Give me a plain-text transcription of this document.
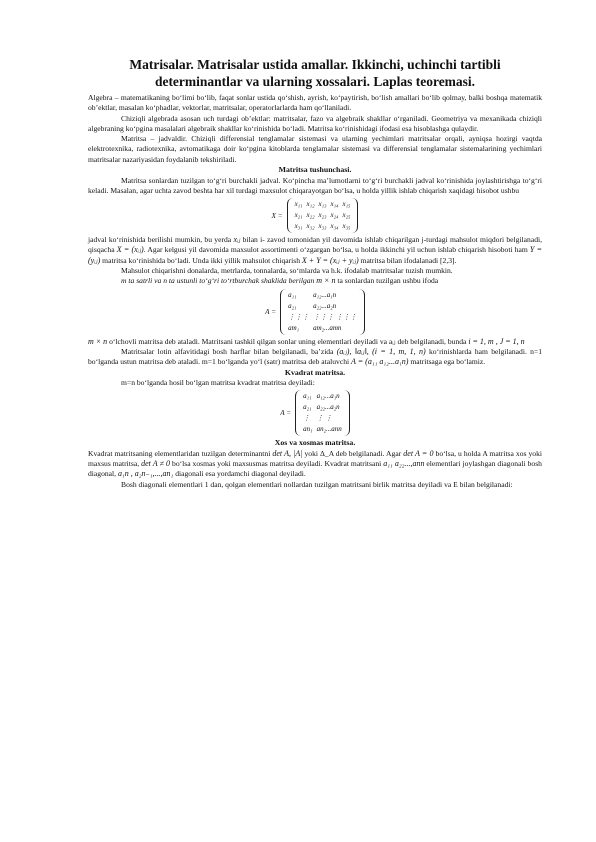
Matrisalar. Matrisalar ustida amallar. Ikkinchi, uchinchi tartibli determinantlar va ularning xossalari. Laplas teoremasi.

Algebra – matematikaning bo‘limi bo‘lib, faqat sonlar ustida qo‘shish, ayrish, ko‘paytirish, bo‘lish amallari bo‘lib qolmay, balki boshqa matematik ob’ektlar, masalan ko‘phadlar, vektorlar, matritsalar, operatorlarlarda ham qo‘llaniladi.

Chiziqli algebrada asosan uch turdagi ob’ektlar: matritsalar, fazo va algebraik shakllar o‘rganiladi. Geometriya va mexanikada chiziqli algebraning ko‘pgina masalalari algebraik shakllar ko‘rinishida bo‘ladi. Matritsa ko‘rinishidagi ifodasi esa hisoblashga qulaydir.

Matritsa – jadvaldir. Chiziqli differensial tenglamalar sistemasi va ularning yechimlari matritsalar orqali, ayniqsa hozirgi vaqtda elektrotexnika, radiotexnika, avtomatikaga doir ko‘pgina kitoblarda tenglamalar sistemasi va differensial tenglamalar sistemalarining yechimlari matritsalar nazariyasidan foydalanib tekshiriladi.

Matritsa tushunchasi.

Matritsa sonlardan tuzilgan to‘g‘ri burchakli jadval. Ko‘pincha ma’lumotlarni to‘g‘ri burchakli jadval ko‘rinishida joylashtirishga to‘g‘ri keladi. Masalan, agar uchta zavod beshta har xil turdagi maxsulot chiqarayotgan bo‘lsa, u holda yillik ishlab chiqarish xaqidagi hisobot ushbu

X =
x₁₁	x₁₂	x₁₃	x₁₄	x₁₅
x₂₁	x₂₂	x₂₃	x₂₄	x₂₅
x₃₁	x₃₂	x₃₃	x₃₄	x₃₅

jadval ko‘rinishida berilishi mumkin, bu yerda xᵢⱼ bilan i- zavod tomonidan yil davomida ishlab chiqarilgan j-turdagi mahsulot miqdori belgilanadi, qisqacha X = (xᵢⱼ). Agar kelgusi yil davomida maxsulot assortimenti o‘zgargan bo‘lsa, u holda ikkinchi yil uchun ishlab chiqarish hisoboti ham Y = (yᵢⱼ) matritsa ko‘rinishida bo‘ladi. Unda ikki yillik mahsulot chiqarish X + Y = (xᵢⱼ + yᵢⱼ) matritsa bilan ifodalanadi [2,3].

Mahsulot chiqarishni donalarda, metrlarda, tonnalarda, so‘mlarda va h.k. ifodalab matritsalar tuzish mumkin.

m ta satrli va n ta ustunli to‘g‘ri to‘rtburchak shaklida berilgan m × n ta sonlardan tuzilgan ushbu ifoda

A =
a₁₁	a₁₂...a₁n
a₂₁	a₂₂...a₂n
⋮⋮⋮	⋮⋮⋮ ⋮⋮⋮
am₁	am₂...amn

m × n o‘lchovli matritsa deb ataladi. Matritsani tashkil qilgan sonlar uning elementlari deyiladi va aᵢⱼ deb belgilanadi, bunda i = 1, m , J = 1, n

Matritsalar lotin alfavitidagi bosh harflar bilan belgilanadi, ba’zida (aᵢⱼ), ‖aᵢⱼ‖, (i = 1, m, 1, n) ko‘rinishlarda ham belgilanadi. n=1 bo‘lganda ustun matritsa deb ataladi. m=1 bo‘lganda yo‘l (satr) matritsa deb ataluvchi A = (a₁₁ a₁₂...a₁n) matritsaga ega bo‘lamiz.

Kvadrat matritsa.

m=n bo‘lganda hosil bo‘lgan matritsa kvadrat matritsa deyiladi:

A =
a₁₁	a₁₂...a₁n
a₂₁	a₂₂...a₂n
⋮	⋮ ⋮
an₁	an₂...ann
Xos va xosmas matritsa.

Kvadrat matritsaning elementlaridan tuzilgan determinantni det A, |A| yoki Δ_A deb belgilanadi. Agar det A = 0 bo‘lsa, u holda A matritsa xos yoki maxsus matritsa, det A ≠ 0 bo‘lsa xosmas yoki maxsusmas matritsa deyiladi. Kvadrat matritsani a₁₁ a₂₂...,ann elementlari joylashgan diagonali bosh diagonal, a₁n , a₂n₋₁,...,an₁ diagonali esa yordamchi diagonal deyiladi.

Bosh diagonali elementlari 1 dan, qolgan elementlari nollardan tuzilgan matritsani birlik matritsa deyiladi va E bilan belgilanadi:
